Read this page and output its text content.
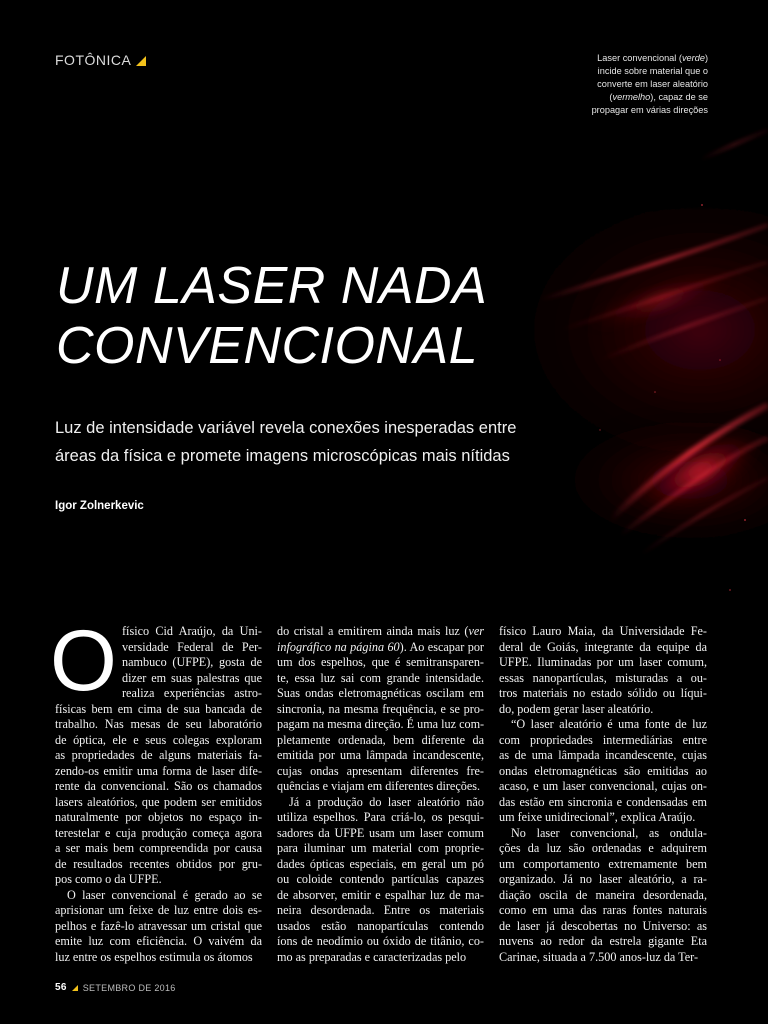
FOTÔNICA	Laser convencional (verde) incide sobre material que o converte em laser aleatório (vermelho), capaz de se propagar em várias direções
UM LASER NADA
CONVENCIONAL

Luz de intensidade variável revela conexões inesperadas entre
áreas da física e promete imagens microscópicas mais nítidas

Igor Zolnerkevic
O físico Cid Araújo, da Uni-
versidade Federal de Per-
nambuco (UFPE), gosta de
dizer em suas palestras que
realiza experiências astro-
físicas bem em cima de sua bancada de
trabalho. Nas mesas de seu laboratório
de óptica, ele e seus colegas exploram
as propriedades de alguns materiais fa-
zendo-os emitir uma forma de laser dife-
rente da convencional. São os chamados
lasers aleatórios, que podem ser emitidos
naturalmente por objetos no espaço in-
terestelar e cuja produção começa agora
a ser mais bem compreendida por causa
de resultados recentes obtidos por gru-
pos como o da UFPE.
O laser convencional é gerado ao se
aprisionar um feixe de luz entre dois es-
pelhos e fazê-lo atravessar um cristal que
emite luz com eficiência. O vaivém da
luz entre os espelhos estimula os átomos
do cristal a emitirem ainda mais luz (ver
infográfico na página 60). Ao escapar por
um dos espelhos, que é semitransparen-
te, essa luz sai com grande intensidade.
Suas ondas eletromagnéticas oscilam em
sincronia, na mesma frequência, e se pro-
pagam na mesma direção. É uma luz com-
pletamente ordenada, bem diferente da
emitida por uma lâmpada incandescente,
cujas ondas apresentam diferentes fre-
quências e viajam em diferentes direções.
Já a produção do laser aleatório não
utiliza espelhos. Para criá-lo, os pesqui-
sadores da UFPE usam um laser comum
para iluminar um material com proprie-
dades ópticas especiais, em geral um pó
ou coloide contendo partículas capazes
de absorver, emitir e espalhar luz de ma-
neira desordenada. Entre os materiais
usados estão nanopartículas contendo
íons de neodímio ou óxido de titânio, co-
mo as preparadas e caracterizadas pelo
físico Lauro Maia, da Universidade Fe-
deral de Goiás, integrante da equipe da
UFPE. Iluminadas por um laser comum,
essas nanopartículas, misturadas a ou-
tros materiais no estado sólido ou líqui-
do, podem gerar laser aleatório.
“O laser aleatório é uma fonte de luz
com propriedades intermediárias entre
as de uma lâmpada incandescente, cujas
ondas eletromagnéticas são emitidas ao
acaso, e um laser convencional, cujas on-
das estão em sincronia e condensadas em
um feixe unidirecional”, explica Araújo.
No laser convencional, as ondula-
ções da luz são ordenadas e adquirem
um comportamento extremamente bem
organizado. Já no laser aleatório, a ra-
diação oscila de maneira desordenada,
como em uma das raras fontes naturais
de laser já descobertas no Universo: as
nuvens ao redor da estrela gigante Eta
Carinae, situada a 7.500 anos-luz da Ter-
56 SETEMBRO DE 2016
